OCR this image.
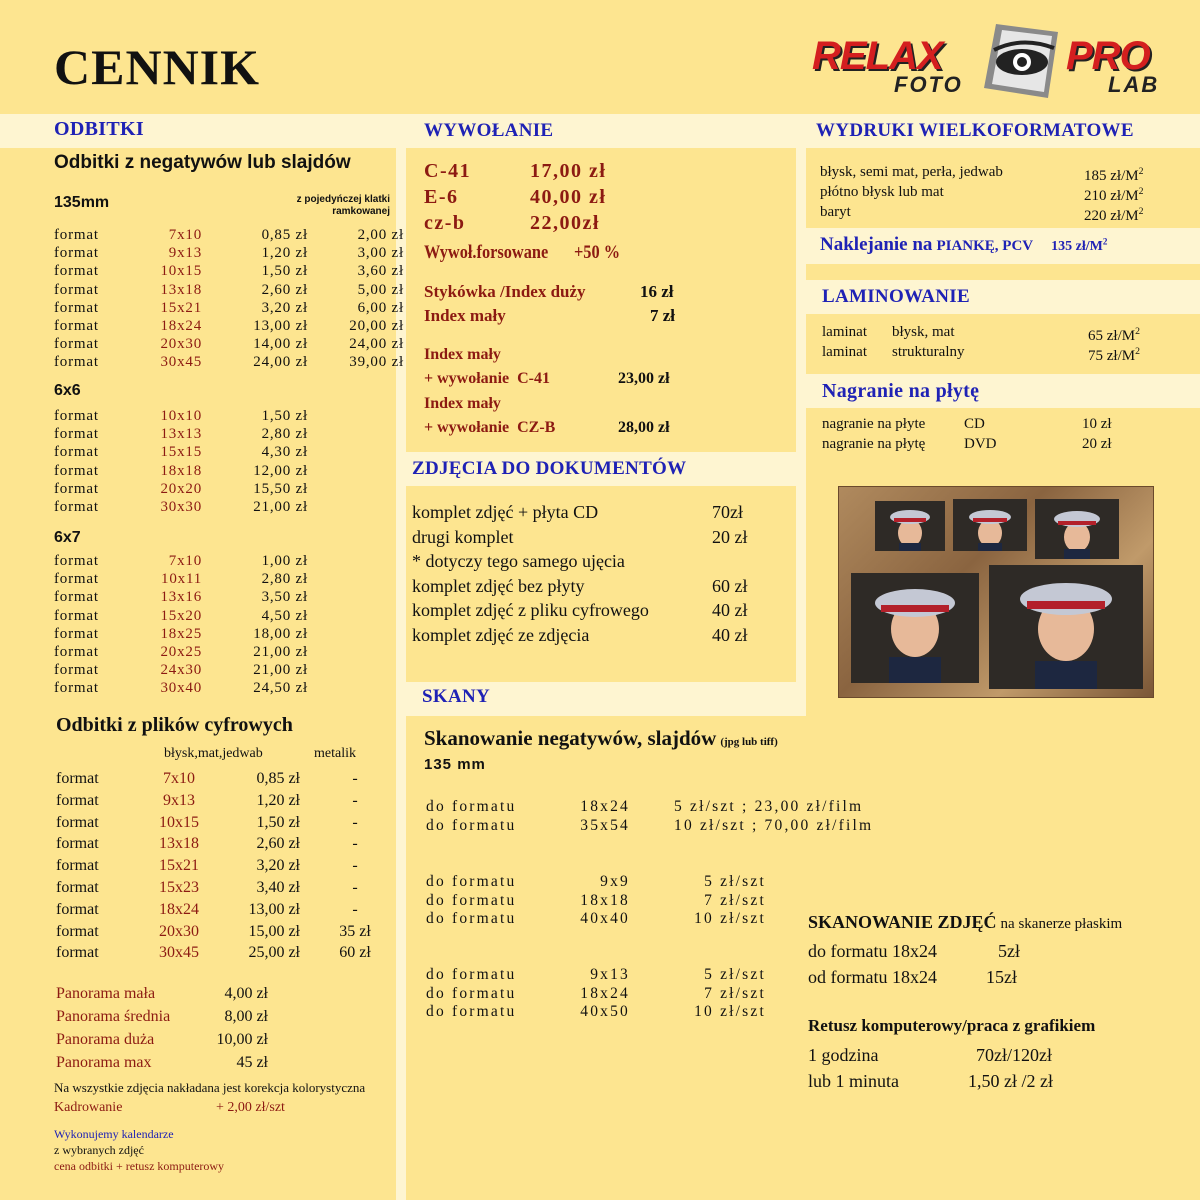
CENNIK	RELAX
FOTO
PRO
LAB
ODBITKI	WYWOŁANIE	WYDRUKI WIELKOFORMATOWE
ZDJĘCIA DO DOKUMENTÓW
SKANY
LAMINOWANIE
Nagranie na płytę
Odbitki z negatywów lub slajdów
135mm	z pojedyńczej klatki ramkowanej
format	7x10	0,85 zł	2,00 zł
format	9x13	1,20 zł	3,00 zł
format	10x15	1,50 zł	3,60 zł
format	13x18	2,60 zł	5,00 zł
format	15x21	3,20 zł	6,00 zł
format	18x24	13,00 zł	20,00 zł
format	20x30	14,00 zł	24,00 zł
format	30x45	24,00 zł	39,00 zł
6x6
format	10x10	1,50 zł
format	13x13	2,80 zł
format	15x15	4,30 zł
format	18x18	12,00 zł
format	20x20	15,50 zł
format	30x30	21,00 zł
6x7
format	7x10	1,00 zł
format	10x11	2,80 zł
format	13x16	3,50 zł
format	15x20	4,50 zł
format	18x25	18,00 zł
format	20x25	21,00 zł
format	24x30	21,00 zł
format	30x40	24,50 zł
Odbitki z plików cyfrowych
błysk,mat,jedwab	metalik
format	7x10	0,85 zł	-
format	9x13	1,20 zł	-
format	10x15	1,50 zł	-
format	13x18	2,60 zł	-
format	15x21	3,20 zł	-
format	15x23	3,40 zł	-
format	18x24	13,00 zł	-
format	20x30	15,00 zł	35 zł
format	30x45	25,00 zł	60 zł
Panorama mała	4,00 zł
Panorama średnia	8,00 zł
Panorama duża	10,00 zł
Panorama max	45 zł
Na wszystkie zdjęcia nakładana jest korekcja kolorystyczna
Kadrowanie	+ 2,00 zł/szt
Wykonujemy kalendarze
z wybranych zdjęć
cena odbitki + retusz komputerowy
C-41	17,00 zł
E-6	40,00 zł
cz-b	22,00zł
Wywoł.forsowane +50 %
Stykówka /Index duży	16 zł
Index mały	7 zł
Index mały
+ wywołanie  C-41	23,00 zł
Index mały
+ wywołanie  CZ-B	28,00 zł
komplet zdjęć + płyta CD	70zł
drugi komplet	20 zł
* dotyczy tego samego ujęcia
komplet zdjęć bez płyty	60 zł
komplet zdjęć z pliku cyfrowego	40 zł
komplet zdjęć ze zdjęcia	40 zł
Skanowanie negatywów, slajdów (jpg lub tiff)
135 mm
do formatu	18x24	5 zł/szt ; 23,00 zł/film
do formatu	35x54	10 zł/szt ; 70,00 zł/film
do formatu	9x9	5 zł/szt
do formatu	18x18	7 zł/szt
do formatu	40x40	10 zł/szt
do formatu	9x13	5 zł/szt
do formatu	18x24	7 zł/szt
do formatu	40x50	10 zł/szt
błysk, semi mat, perła, jedwab	185 $zł/M^2$
płótno błysk lub mat	210 $zł/M^2$
baryt	220 $zł/M^2$
Naklejanie na PIANKĘ, PCV 135 $zł/M^2$
laminat	błysk, mat	65 $zł/M^2$
laminat	strukturalny	75 $zł/M^2$
nagranie na płyte	CD	10 zł
nagranie na płytę	DVD	20 zł
SKANOWANIE ZDJĘĆ na skanerze płaskim
do formatu 18x24	5zł
od formatu 18x24	15zł
Retusz komputerowy/praca z grafikiem
1 godzina	70zł/120zł
lub 1 minuta	1,50 zł /2 zł
